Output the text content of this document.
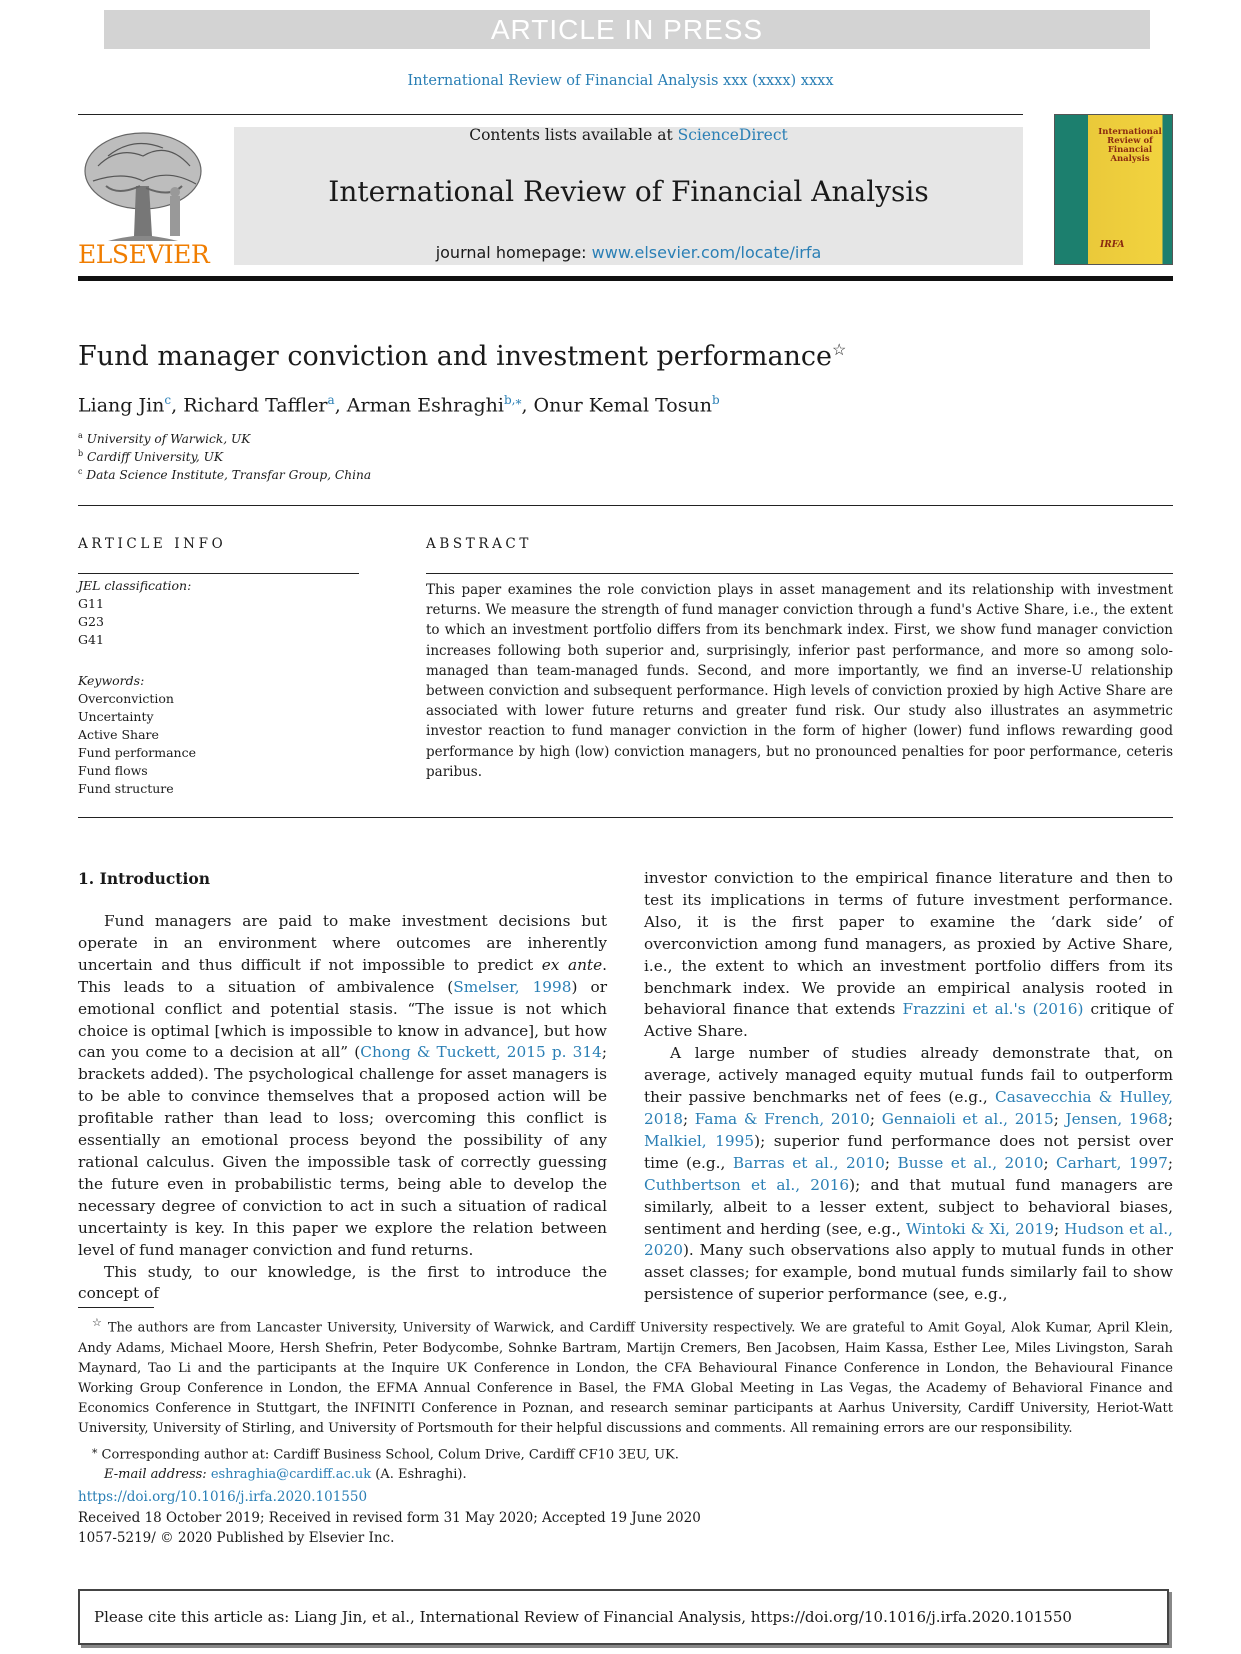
ARTICLE IN PRESS
International Review of Financial Analysis xxx (xxxx) xxxx
Contents lists available at ScienceDirect
International Review of Financial Analysis
journal homepage: www.elsevier.com/locate/irfa
ELSEVIER
International Review of Financial Analysis
IRFA
Fund manager conviction and investment performance☆
Liang Jin$^c$, Richard Taffler$^a$, Arman Eshraghi$^{b,⁎}$, Onur Kemal Tosun$^b$
$^a$ University of Warwick, UK
$^b$ Cardiff University, UK
$^c$ Data Science Institute, Transfar Group, China
ARTICLE INFO
JEL classification:
G11
G23
G41
Keywords:
Overconviction
Uncertainty
Active Share
Fund performance
Fund flows
Fund structure
ABSTRACT
This paper examines the role conviction plays in asset management and its relationship with investment returns. We measure the strength of fund manager conviction through a fund's Active Share, i.e., the extent to which an investment portfolio differs from its benchmark index. First, we show fund manager conviction increases following both superior and, surprisingly, inferior past performance, and more so among solo-managed than team-managed funds. Second, and more importantly, we find an inverse-U relationship between conviction and subsequent performance. High levels of conviction proxied by high Active Share are associated with lower future returns and greater fund risk. Our study also illustrates an asymmetric investor reaction to fund manager conviction in the form of higher (lower) fund inflows rewarding good performance by high (low) conviction managers, but no pronounced penalties for poor performance, ceteris paribus.
1. Introduction

Fund managers are paid to make investment decisions but operate in an environment where outcomes are inherently uncertain and thus difficult if not impossible to predict ex ante. This leads to a situation of ambivalence (Smelser, 1998) or emotional conflict and potential stasis. “The issue is not which choice is optimal [which is impossible to know in advance], but how can you come to a decision at all” (Chong & Tuckett, 2015 p. 314; brackets added). The psychological challenge for asset managers is to be able to convince themselves that a proposed action will be profitable rather than lead to loss; overcoming this conflict is essentially an emotional process beyond the possibility of any rational calculus. Given the impossible task of correctly guessing the future even in probabilistic terms, being able to develop the necessary degree of conviction to act in such a situation of radical uncertainty is key. In this paper we explore the relation between level of fund manager conviction and fund returns.

This study, to our knowledge, is the first to introduce the concept of

investor conviction to the empirical finance literature and then to test its implications in terms of future investment performance. Also, it is the first paper to examine the ‘dark side’ of overconviction among fund managers, as proxied by Active Share, i.e., the extent to which an investment portfolio differs from its benchmark index. We provide an empirical analysis rooted in behavioral finance that extends Frazzini et al.'s (2016) critique of Active Share.

A large number of studies already demonstrate that, on average, actively managed equity mutual funds fail to outperform their passive benchmarks net of fees (e.g., Casavecchia & Hulley, 2018; Fama & French, 2010; Gennaioli et al., 2015; Jensen, 1968; Malkiel, 1995); superior fund performance does not persist over time (e.g., Barras et al., 2010; Busse et al., 2010; Carhart, 1997; Cuthbertson et al., 2016); and that mutual fund managers are similarly, albeit to a lesser extent, subject to behavioral biases, sentiment and herding (see, e.g., Wintoki & Xi, 2019; Hudson et al., 2020). Many such observations also apply to mutual funds in other asset classes; for example, bond mutual funds similarly fail to show persistence of superior performance (see, e.g.,

☆ The authors are from Lancaster University, University of Warwick, and Cardiff University respectively. We are grateful to Amit Goyal, Alok Kumar, April Klein, Andy Adams, Michael Moore, Hersh Shefrin, Peter Bodycombe, Sohnke Bartram, Martijn Cremers, Ben Jacobsen, Haim Kassa, Esther Lee, Miles Livingston, Sarah Maynard, Tao Li and the participants at the Inquire UK Conference in London, the CFA Behavioural Finance Conference in London, the Behavioural Finance Working Group Conference in London, the EFMA Annual Conference in Basel, the FMA Global Meeting in Las Vegas, the Academy of Behavioral Finance and Economics Conference in Stuttgart, the INFINITI Conference in Poznan, and research seminar participants at Aarhus University, Cardiff University, Heriot-Watt University, University of Stirling, and University of Portsmouth for their helpful discussions and comments. All remaining errors are our responsibility.

⁎ Corresponding author at: Cardiff Business School, Colum Drive, Cardiff CF10 3EU, UK.

E-mail address: eshraghia@cardiff.ac.uk (A. Eshraghi).

https://doi.org/10.1016/j.irfa.2020.101550
Received 18 October 2019; Received in revised form 31 May 2020; Accepted 19 June 2020
1057-5219/ © 2020 Published by Elsevier Inc.
Please cite this article as: Liang Jin, et al., International Review of Financial Analysis, https://doi.org/10.1016/j.irfa.2020.101550
